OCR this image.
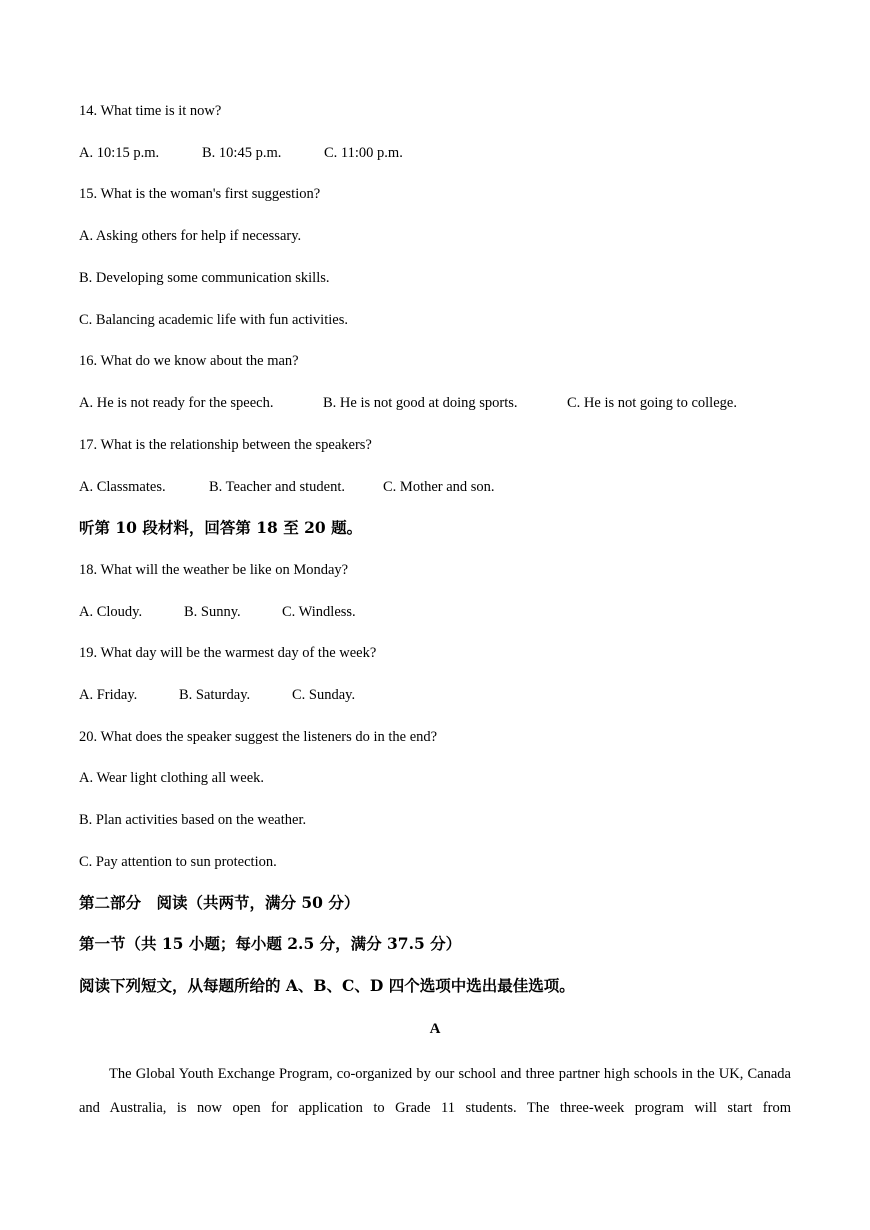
14. What time is it now?
A. 10:15 p.m.	B. 10:45 p.m.	C. 11:00 p.m.
15. What is the woman's first suggestion?
A. Asking others for help if necessary.
B. Developing some communication skills.
C. Balancing academic life with fun activities.
16. What do we know about the man?
A. He is not ready for the speech.	B. He is not good at doing sports.	C. He is not going to college.
17. What is the relationship between the speakers?
A. Classmates.	B. Teacher and student.	C. Mother and son.
听第 10 段材料，回答第 18 至 20 题。
18. What will the weather be like on Monday?
A. Cloudy.	B. Sunny.	C. Windless.
19. What day will be the warmest day of the week?
A. Friday.	B. Saturday.	C. Sunday.
20. What does the speaker suggest the listeners do in the end?
A. Wear light clothing all week.
B. Plan activities based on the weather.
C. Pay attention to sun protection.
第二部分　阅读（共两节，满分 50 分）
第一节（共 15 小题；每小题 2.5 分，满分 37.5 分）
阅读下列短文，从每题所给的 A、B、C、D 四个选项中选出最佳选项。
A
The Global Youth Exchange Program, co-organized by our school and three partner high schools in the UK, Canada and Australia, is now open for application to Grade 11 students. The three-week program will start from
